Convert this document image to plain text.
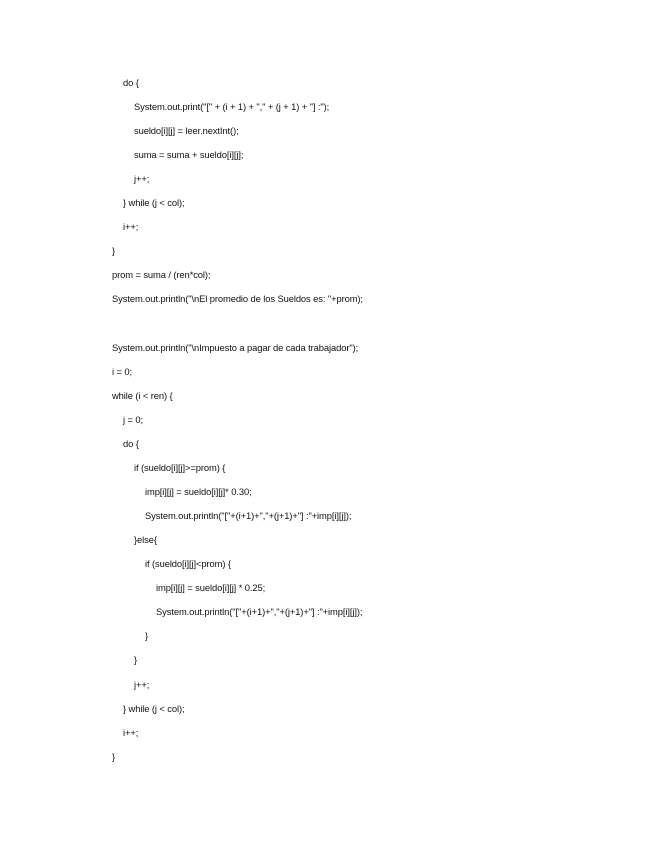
do {
System.out.print("[" + (i + 1) + "," + (j + 1) + "] :");
sueldo[i][j] = leer.nextInt();
suma = suma + sueldo[i][j];
j++;
} while (j < col);
i++;
}
prom = suma / (ren*col);
System.out.println("\nEl promedio de los Sueldos es: "+prom);
System.out.println("\nImpuesto a pagar de cada trabajador");
i = 0;
while (i < ren) {
j = 0;
do {
if (sueldo[i][j]>=prom) {
imp[i][j] = sueldo[i][j]* 0.30;
System.out.println("["+(i+1)+","+(j+1)+"] :"+imp[i][j]);
}else{
if (sueldo[i][j]<prom) {
imp[i][j] = sueldo[i][j] * 0.25;
System.out.println("["+(i+1)+","+(j+1)+"] :"+imp[i][j]);
}
}
j++;
} while (j < col);
i++;
}
